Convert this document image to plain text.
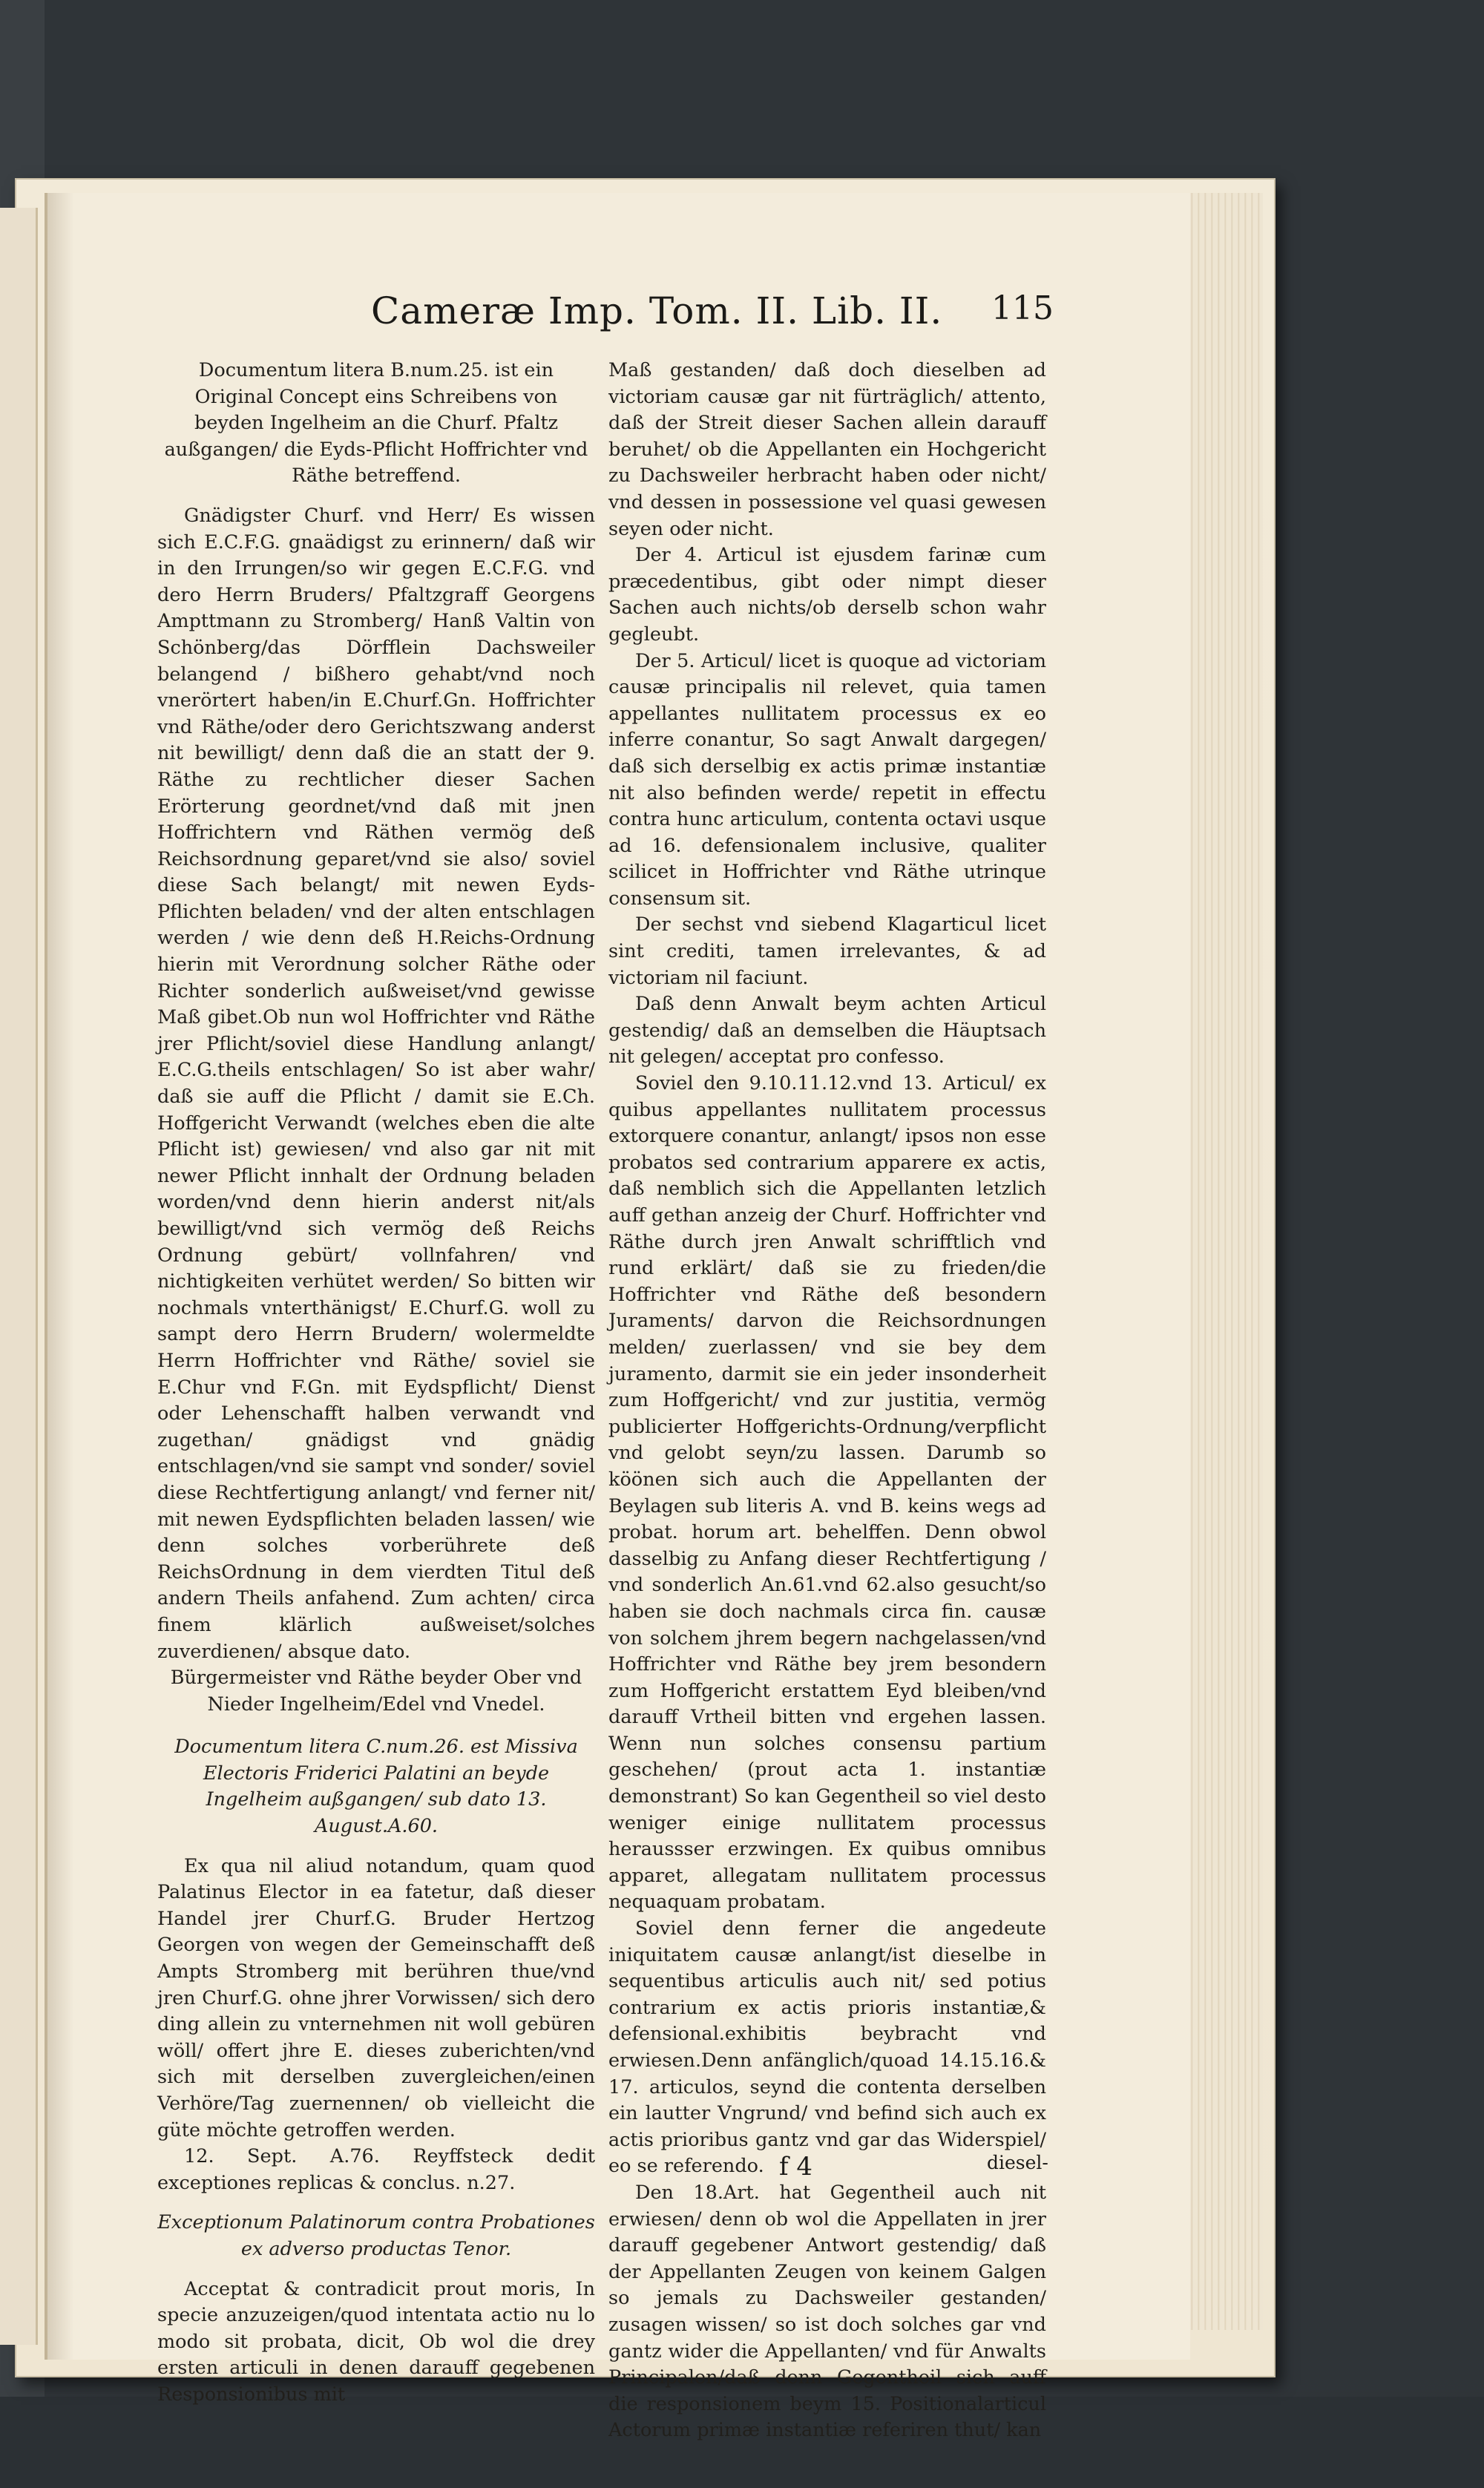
Cameræ Imp. Tom. II. Lib. II. 115

Documentum litera B.num.25. ist ein Original Concept eins Schreibens von beyden Ingelheim an die Churf. Pfaltz außgangen/ die Eyds-Pflicht Hoffrichter vnd Räthe betreffend.

Gnädigster Churf. vnd Herr/ Es wissen sich E.C.F.G. gnaädigst zu erinnern/ daß wir in den Irrungen/so wir gegen E.C.F.G. vnd dero Herrn Bruders/ Pfaltzgraff Georgens Ampttmann zu Stromberg/ Hanß Valtin von Schönberg/das Dörfflein Dachsweiler belangend / bißhero gehabt/vnd noch vnerörtert haben/in E.Churf.Gn. Hoffrichter vnd Räthe/oder dero Gerichtszwang anderst nit bewilligt/ denn daß die an statt der 9. Räthe zu rechtlicher dieser Sachen Erörterung geordnet/vnd daß mit jnen Hoffrichtern vnd Räthen vermög deß Reichsordnung geparet/vnd sie also/ soviel diese Sach belangt/ mit newen Eyds-Pflichten beladen/ vnd der alten entschlagen werden / wie denn deß H.Reichs-Ordnung hierin mit Verordnung solcher Räthe oder Richter sonderlich außweiset/vnd gewisse Maß gibet.Ob nun wol Hoffrichter vnd Räthe jrer Pflicht/soviel diese Handlung anlangt/ E.C.G.theils entschlagen/ So ist aber wahr/ daß sie auff die Pflicht / damit sie E.Ch. Hoffgericht Verwandt (welches eben die alte Pflicht ist) gewiesen/ vnd also gar nit mit newer Pflicht innhalt der Ordnung beladen worden/vnd denn hierin anderst nit/als bewilligt/vnd sich vermög deß Reichs Ordnung gebürt/ vollnfahren/ vnd nichtigkeiten verhütet werden/ So bitten wir nochmals vnterthänigst/ E.Churf.G. woll zu sampt dero Herrn Brudern/ wolermeldte Herrn Hoffrichter vnd Räthe/ soviel sie E.Chur vnd F.Gn. mit Eydspflicht/ Dienst oder Lehenschafft halben verwandt vnd zugethan/ gnädigst vnd gnädig entschlagen/vnd sie sampt vnd sonder/ soviel diese Rechtfertigung anlangt/ vnd ferner nit/ mit newen Eydspflichten beladen lassen/ wie denn solches vorberührete deß ReichsOrdnung in dem vierdten Titul deß andern Theils anfahend. Zum achten/ circa finem klärlich außweiset/solches zuverdienen/ absque dato.

Bürgermeister vnd Räthe beyder Ober vnd Nieder Ingelheim/Edel vnd Vnedel.

Documentum litera C.num.26. est Missiva Electoris Friderici Palatini an beyde Ingelheim außgangen/ sub dato 13. August.A.60.

Ex qua nil aliud notandum, quam quod Palatinus Elector in ea fatetur, daß dieser Handel jrer Churf.G. Bruder Hertzog Georgen von wegen der Gemeinschafft deß Ampts Stromberg mit berühren thue/vnd jren Churf.G. ohne jhrer Vorwissen/ sich dero ding allein zu vnternehmen nit woll gebüren wöll/ offert jhre E. dieses zuberichten/vnd sich mit derselben zuvergleichen/einen Verhöre/Tag zuernennen/ ob vielleicht die güte möchte getroffen werden.

12. Sept. A.76. Reyffsteck dedit exceptiones replicas & conclus. n.27.

Exceptionum Palatinorum contra Probationes ex adverso productas Tenor.

Acceptat & contradicit prout moris, In specie anzuzeigen/quod intentata actio nu lo modo sit probata, dicit, Ob wol die drey ersten articuli in denen darauff gegebenen Responsionibus mit

Maß gestanden/ daß doch dieselben ad victoriam causæ gar nit fürträglich/ attento, daß der Streit dieser Sachen allein darauff beruhet/ ob die Appellanten ein Hochgericht zu Dachsweiler herbracht haben oder nicht/ vnd dessen in possessione vel quasi gewesen seyen oder nicht.

Der 4. Articul ist ejusdem farinæ cum præcedentibus, gibt oder nimpt dieser Sachen auch nichts/ob derselb schon wahr gegleubt.

Der 5. Articul/ licet is quoque ad victoriam causæ principalis nil relevet, quia tamen appellantes nullitatem processus ex eo inferre conantur, So sagt Anwalt dargegen/ daß sich derselbig ex actis primæ instantiæ nit also befinden werde/ repetit in effectu contra hunc articulum, contenta octavi usque ad 16. defensionalem inclusive, qualiter scilicet in Hoffrichter vnd Räthe utrinque consensum sit.

Der sechst vnd siebend Klagarticul licet sint crediti, tamen irrelevantes, & ad victoriam nil faciunt.

Daß denn Anwalt beym achten Articul gestendig/ daß an demselben die Häuptsach nit gelegen/ acceptat pro confesso.

Soviel den 9.10.11.12.vnd 13. Articul/ ex quibus appellantes nullitatem processus extorquere conantur, anlangt/ ipsos non esse probatos sed contrarium apparere ex actis, daß nemblich sich die Appellanten letzlich auff gethan anzeig der Churf. Hoffrichter vnd Räthe durch jren Anwalt schrifftlich vnd rund erklärt/ daß sie zu frieden/die Hoffrichter vnd Räthe deß besondern Juraments/ darvon die Reichsordnungen melden/ zuerlassen/ vnd sie bey dem juramento, darmit sie ein jeder insonderheit zum Hoffgericht/ vnd zur justitia, vermög publicierter Hoffgerichts-Ordnung/verpflicht vnd gelobt seyn/zu lassen. Darumb so köönen sich auch die Appellanten der Beylagen sub literis A. vnd B. keins wegs ad probat. horum art. behelffen. Denn obwol dasselbig zu Anfang dieser Rechtfertigung / vnd sonderlich An.61.vnd 62.also gesucht/so haben sie doch nachmals circa fin. causæ von solchem jhrem begern nachgelassen/vnd Hoffrichter vnd Räthe bey jrem besondern zum Hoffgericht erstattem Eyd bleiben/vnd darauff Vrtheil bitten vnd ergehen lassen. Wenn nun solches consensu partium geschehen/ (prout acta 1. instantiæ demonstrant) So kan Gegentheil so viel desto weniger einige nullitatem processus heraussser erzwingen. Ex quibus omnibus apparet, allegatam nullitatem processus nequaquam probatam.

Soviel denn ferner die angedeute iniquitatem causæ anlangt/ist dieselbe in sequentibus articulis auch nit/ sed potius contrarium ex actis prioris instantiæ,& defensional.exhibitis beybracht vnd erwiesen.Denn anfänglich/quoad 14.15.16.& 17. articulos, seynd die contenta derselben ein lautter Vngrund/ vnd befind sich auch ex actis prioribus gantz vnd gar das Widerspiel/ eo se referendo.

Den 18.Art. hat Gegentheil auch nit erwiesen/ denn ob wol die Appellaten in jrer darauff gegebener Antwort gestendig/ daß der Appellanten Zeugen von keinem Galgen so jemals zu Dachsweiler gestanden/ zusagen wissen/ so ist doch solches gar vnd gantz wider die Appellanten/ vnd für Anwalts Principalen/daß denn Gegentheil sich auff die responsionem beym 15. Positionalarticul Actorum primæ instantiæ referiren thut/ kan

f 4	diesel-
